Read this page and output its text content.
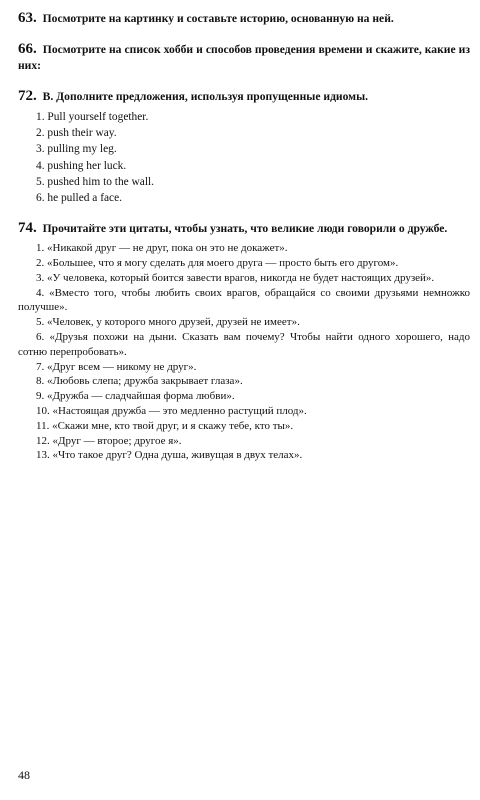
63. Посмотрите на картинку и составьте историю, основанную на ней.
66. Посмотрите на список хобби и способов проведения времени и скажите, какие из них:
72. B. Дополните предложения, используя пропущенные идиомы.
1. Pull yourself together.
2. push their way.
3. pulling my leg.
4. pushing her luck.
5. pushed him to the wall.
6. he pulled a face.
74. Прочитайте эти цитаты, чтобы узнать, что великие люди говорили о дружбе.
1. «Никакой друг — не друг, пока он это не докажет».
2. «Большее, что я могу сделать для моего друга — просто быть его другом».
3. «У человека, который боится завести врагов, никогда не будет настоящих друзей».
4. «Вместо того, чтобы любить своих врагов, обращайся со своими друзьями немножко получше».
5. «Человек, у которого много друзей, друзей не имеет».
6. «Друзья похожи на дыни. Сказать вам почему? Чтобы найти одного хорошего, надо сотню перепробовать».
7. «Друг всем — никому не друг».
8. «Любовь слепа; дружба закрывает глаза».
9. «Дружба — сладчайшая форма любви».
10. «Настоящая дружба — это медленно растущий плод».
11. «Скажи мне, кто твой друг, и я скажу тебе, кто ты».
12. «Друг — второе; другое я».
13. «Что такое друг? Одна душа, живущая в двух телах».
48
